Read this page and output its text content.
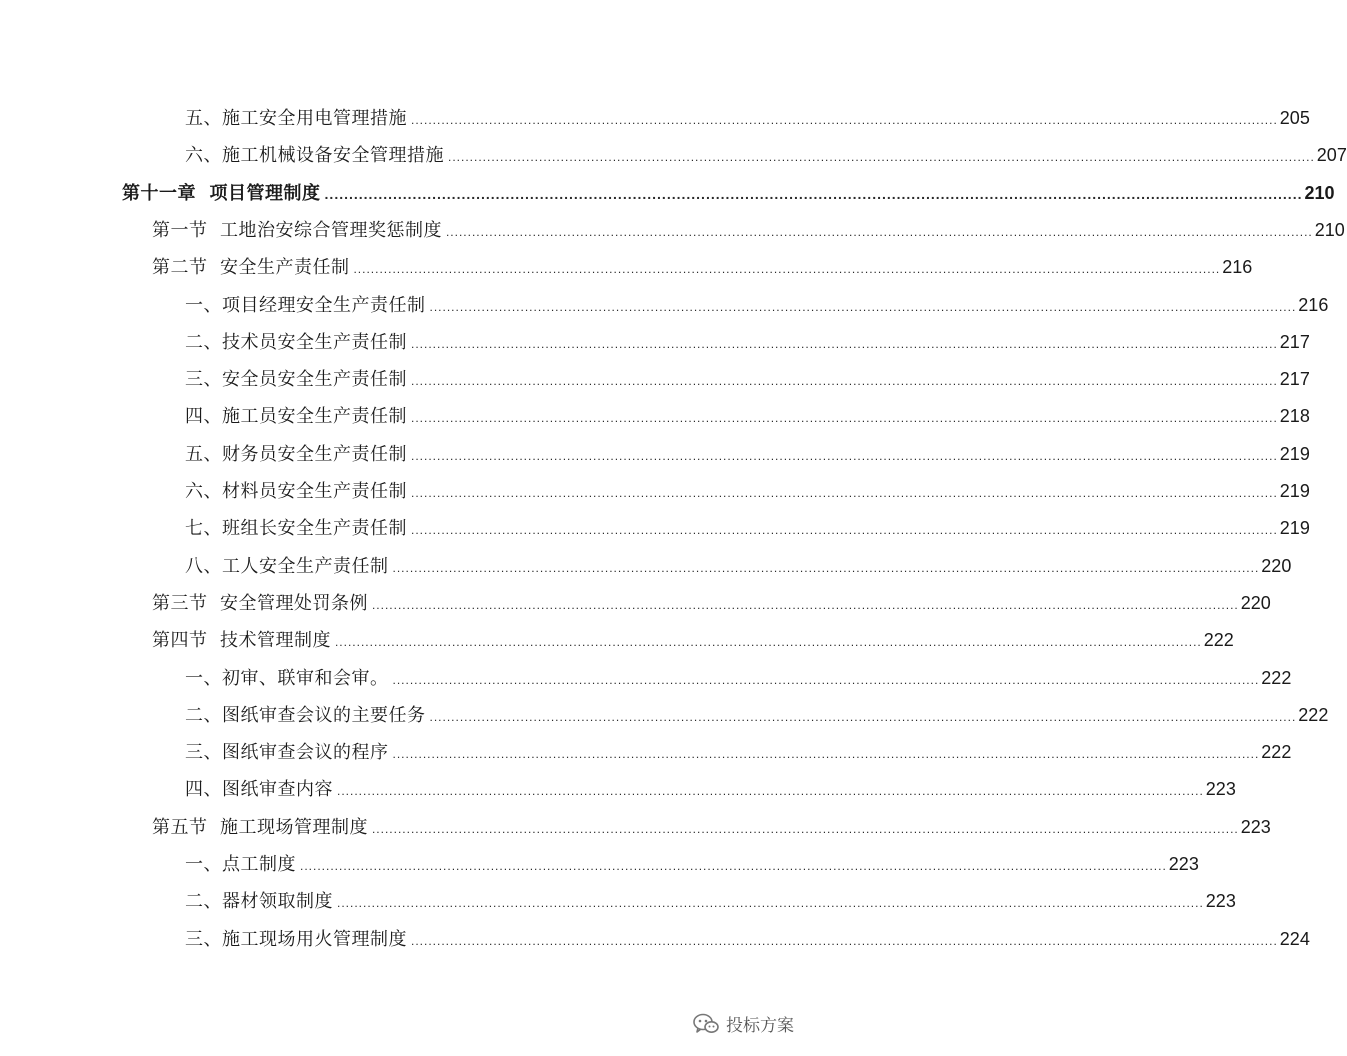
五、施工安全用电管理措施 ........................................................................................................................................................................................................ 205
六、施工机械设备安全管理措施 ........................................................................................................................................................................................................ 207
第十一章  项目管理制度 ........................................................................................................................................................................................................ 210
第一节  工地治安综合管理奖惩制度 ........................................................................................................................................................................................................ 210
第二节  安全生产责任制 ........................................................................................................................................................................................................ 216
一、项目经理安全生产责任制 ........................................................................................................................................................................................................ 216
二、技术员安全生产责任制 ........................................................................................................................................................................................................ 217
三、安全员安全生产责任制 ........................................................................................................................................................................................................ 217
四、施工员安全生产责任制 ........................................................................................................................................................................................................ 218
五、财务员安全生产责任制 ........................................................................................................................................................................................................ 219
六、材料员安全生产责任制 ........................................................................................................................................................................................................ 219
七、班组长安全生产责任制 ........................................................................................................................................................................................................ 219
八、工人安全生产责任制 ........................................................................................................................................................................................................ 220
第三节  安全管理处罚条例 ........................................................................................................................................................................................................ 220
第四节  技术管理制度 ........................................................................................................................................................................................................ 222
一、初审、联审和会审。 ........................................................................................................................................................................................................ 222
二、图纸审查会议的主要任务 ........................................................................................................................................................................................................ 222
三、图纸审查会议的程序 ........................................................................................................................................................................................................ 222
四、图纸审查内容 ........................................................................................................................................................................................................ 223
第五节  施工现场管理制度 ........................................................................................................................................................................................................ 223
一、点工制度 ........................................................................................................................................................................................................ 223
二、器材领取制度 ........................................................................................................................................................................................................ 223
三、施工现场用火管理制度 ........................................................................................................................................................................................................ 224
投标方案
